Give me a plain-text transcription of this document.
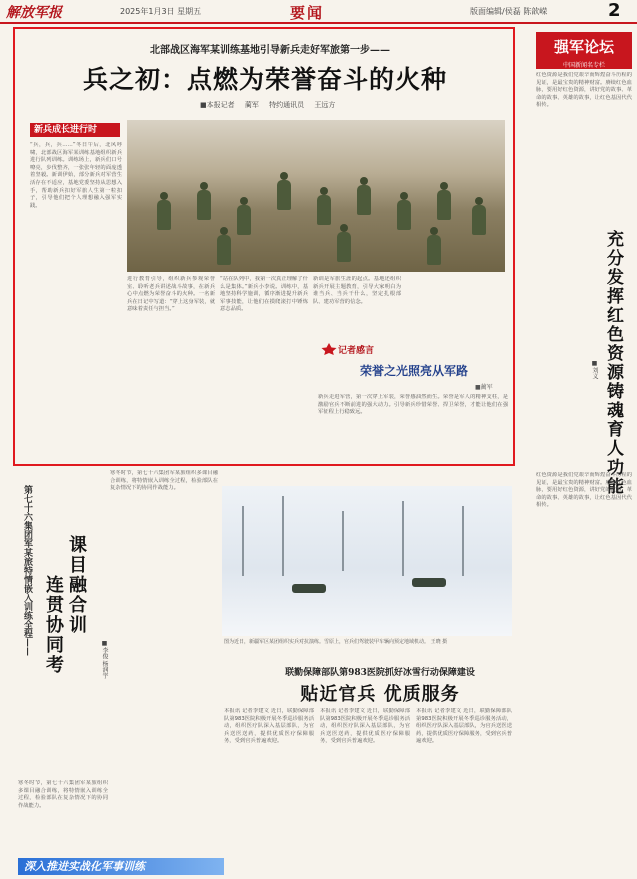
解放军报	2025年1月3日 星期五	要闻	版面编辑/侯磊 陈歆嵘	2
北部战区海军某训练基地引导新兵走好军旅第一步——
兵之初：点燃为荣誉奋斗的火种
■本报记者 蔺军 特约通讯员 王远方
新兵成长进行时
“兵，兵，兵……”冬日午后，北风呼啸，北部战区海军某训练基地组织新兵进行队列训练。训练场上，新兵们口号嘹亮，步伐整齐，一张张年轻的面庞透着坚毅。新训伊始，部分新兵对军营生活存在不适应，基地党委坚持从思想入手，帮助新兵扣好军旅人生第一粒扣子，引导他们把个人理想融入强军实践。
进行教育引导，组织新兵参观荣誉室、聆听老兵讲述战斗故事，在新兵心中点燃为荣誉奋斗的火种。一名新兵在日记中写道：“穿上这身军装，就意味着责任与担当。”
“站在队列中，我第一次真正理解了什么是集体。”新兵小李说。训练中，基地坚持科学施训，循序渐进提升新兵军事技能，让他们在摸爬滚打中锤炼意志品质。
新训是军旅生涯的起点。基地还组织新兵开展主题教育，引导大家明白为谁当兵、当兵干什么，坚定扎根部队、建功军营的信念。
记者感言
荣誉之光照亮从军路
■蔺军
新兵走进军营，第一次穿上军装，荣誉感油然而生。荣誉是军人的精神支柱，是激励官兵不断前进的强大动力。引导新兵珍惜荣誉、捍卫荣誉，才能让他们在强军征程上行稳致远。
强军论坛
中国新闻名专栏
红色资源是我们党艰辛而辉煌奋斗历程的见证，是最宝贵的精神财富。赓续红色血脉，要用好红色资源，讲好党的故事、革命的故事、英雄的故事，让红色基因代代相传。
充分发挥红色资源铸魂育人功能
■刘义
红色资源是我们党艰辛而辉煌奋斗历程的见证，是最宝贵的精神财富。赓续红色血脉，要用好红色资源，讲好党的故事、革命的故事、英雄的故事，让红色基因代代相传。
第七十六集团军某旅特情嵌入训练全程—— 课目融合训
连贯协同考	■李俊 杨润宇
寒冬时节，第七十六集团军某旅组织多课目融合训练，将特情嵌入训练全过程，检验部队在复杂情况下的协同作战能力。
寒冬时节，第七十六集团军某旅组织多课目融合训练，将特情嵌入训练全过程，检验部队在复杂情况下的协同作战能力。
深入推进实战化军事训练
图为近日，新疆军区某团组织实兵对抗演练。雪原上，官兵们驾驶装甲车辆向预定地域机动。 王晓 摄
联勤保障部队第983医院抓好冰雪行动保障建设
贴近官兵 优质服务
本报讯 记者李建文 近日，联勤保障部队第983医院积极开展冬季巡诊服务活动，组织医疗队深入基层部队，为官兵送医送药，提供优质医疗保障服务，受到官兵普遍欢迎。
本报讯 记者李建文 近日，联勤保障部队第983医院积极开展冬季巡诊服务活动，组织医疗队深入基层部队，为官兵送医送药，提供优质医疗保障服务，受到官兵普遍欢迎。
本报讯 记者李建文 近日，联勤保障部队第983医院积极开展冬季巡诊服务活动，组织医疗队深入基层部队，为官兵送医送药，提供优质医疗保障服务，受到官兵普遍欢迎。
